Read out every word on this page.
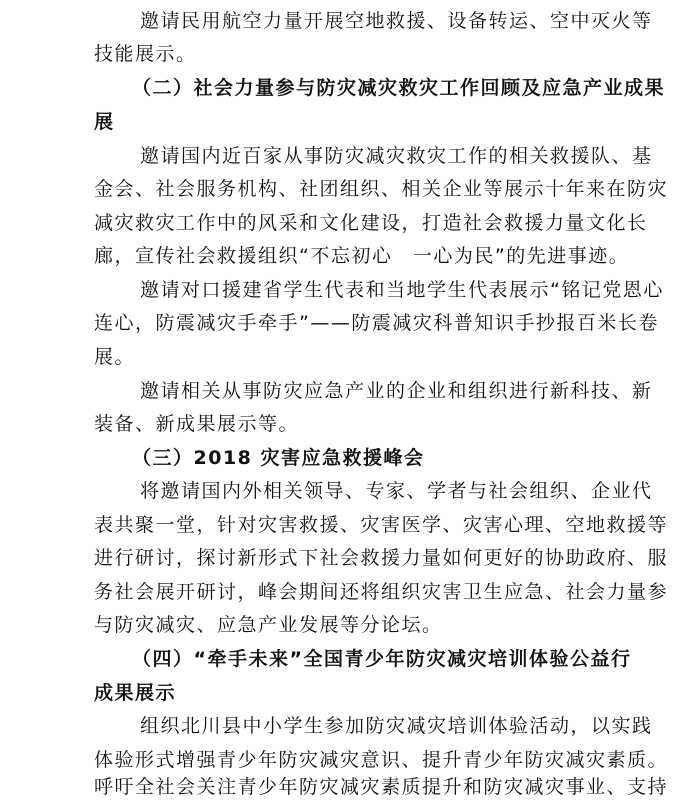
邀请民用航空力量开展空地救援、设备转运、空中灭火等
技能展示。
（二）社会力量参与防灾减灾救灾工作回顾及应急产业成果
展
邀请国内近百家从事防灾减灾救灾工作的相关救援队、基
金会、社会服务机构、社团组织、相关企业等展示十年来在防灾
减灾救灾工作中的风采和文化建设，打造社会救援力量文化长
廊，宣传社会救援组织“不忘初心　一心为民”的先进事迹。
邀请对口援建省学生代表和当地学生代表展示“铭记党恩心
连心，防震减灾手牵手”——防震减灾科普知识手抄报百米长卷
展。
邀请相关从事防灾应急产业的企业和组织进行新科技、新
装备、新成果展示等。
（三）2018 灾害应急救援峰会
将邀请国内外相关领导、专家、学者与社会组织、企业代
表共聚一堂，针对灾害救援、灾害医学、灾害心理、空地救援等
进行研讨，探讨新形式下社会救援力量如何更好的协助政府、服
务社会展开研讨，峰会期间还将组织灾害卫生应急、社会力量参
与防灾减灾、应急产业发展等分论坛。
（四）“牵手未来”全国青少年防灾减灾培训体验公益行
成果展示
组织北川县中小学生参加防灾减灾培训体验活动，以实践
体验形式增强青少年防灾减灾意识、提升青少年防灾减灾素质。
呼吁全社会关注青少年防灾减灾素质提升和防灾减灾事业、支持
